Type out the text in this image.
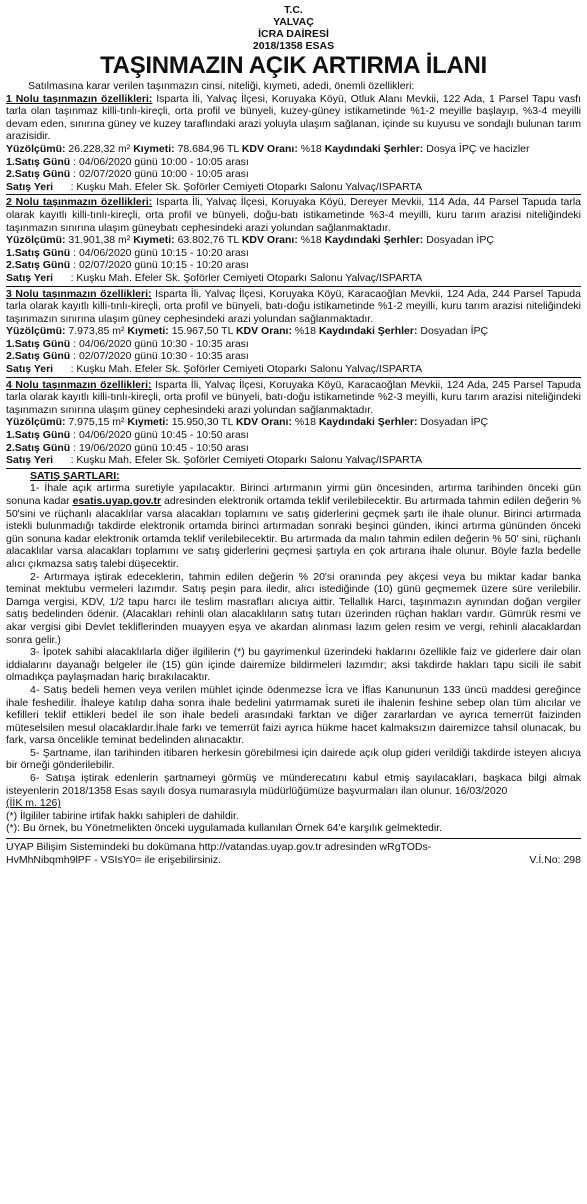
T.C.
YALVAÇ
İCRA DAİRESİ
2018/1358 ESAS
TAŞINMAZIN AÇIK ARTIRMA İLANI
Satılmasına karar verilen taşınmazın cinsi, niteliği, kıymeti, adedi, önemli özellikleri:
1 Nolu taşınmazın özellikleri: Isparta İli, Yalvaç İlçesi, Koruyaka Köyü, Otluk Alanı Mevkii, 122 Ada, 1 Parsel Tapu vasfı tarla olan taşınmaz killi-tınlı-kireçli, orta profil ve bünyeli, kuzey-güney istikametinde %1-2 meyille başlayıp, %3-4 meyilli devam eden, sınırına güney ve kuzey taraflındaki arazi yoluyla ulaşım sağlanan, içinde su kuyusu ve sondajlı bulunan tarım arazisidir.
Yüzölçümü: 26.228,32 m² Kıymeti: 78.684,96 TL KDV Oranı: %18 Kaydındaki Şerhler: Dosya İPÇ ve hacizler
1.Satış Günü : 04/06/2020 günü 10:00 - 10:05 arası
2.Satış Günü : 02/07/2020 günü 10:00 - 10:05 arası
Satış Yeri      : Kuşku Mah. Efeler Sk. Şoförler Cemiyeti Otoparkı Salonu Yalvaç/ISPARTA
2 Nolu taşınmazın özellikleri: Isparta İli, Yalvaç İlçesi, Koruyaka Köyü, Dereyer Mevkii, 114 Ada, 44 Parsel Tapuda tarla olarak kayıtlı killi-tınlı-kireçli, orta profil ve bünyeli, doğu-batı istikametinde %3-4 meyilli, kuru tarım arazisi niteliğindeki taşınmazın sınırına ulaşım güneybatı cephesindeki arazi yolundan sağlanmaktadır.
Yüzölçümü: 31.901,38 m² Kıymeti: 63.802,76 TL KDV Oranı: %18 Kaydındaki Şerhler: Dosyadan İPÇ
1.Satış Günü : 04/06/2020 günü 10:15 - 10:20 arası
2.Satış Günü : 02/07/2020 günü 10:15 - 10:20 arası
Satış Yeri      : Kuşku Mah. Efeler Sk. Şoförler Cemiyeti Otoparkı Salonu Yalvaç/ISPARTA
3 Nolu taşınmazın özellikleri: Isparta İli, Yalvaç İlçesi, Koruyaka Köyü, Karacaoğlan Mevkii, 124 Ada, 244 Parsel Tapuda tarla olarak kayıtlı killi-tınlı-kireçli, orta profil ve bünyeli, batı-doğu istikametinde %1-2 meyilli, kuru tarım arazisi niteliğindeki taşınmazın sınırına ulaşım güney cephesindeki arazi yolundan sağlanmaktadır.
Yüzölçümü: 7.973,85 m² Kıymeti: 15.967,50 TL KDV Oranı: %18 Kaydındaki Şerhler: Dosyadan İPÇ
1.Satış Günü : 04/06/2020 günü 10:30 - 10:35 arası
2.Satış Günü : 02/07/2020 günü 10:30 - 10:35 arası
Satış Yeri      : Kuşku Mah. Efeler Sk. Şoförler Cemiyeti Otoparkı Salonu Yalvaç/ISPARTA
4 Nolu taşınmazın özellikleri: Isparta İli, Yalvaç İlçesi, Koruyaka Köyü, Karacaoğlan Mevkii, 124 Ada, 245 Parsel Tapuda tarla olarak kayıtlı killi-tınlı-kireçli, orta profil ve bünyeli, batı-doğu istikametinde %2-3 meyilli, kuru tarım arazisi niteliğindeki taşınmazın sınırına ulaşım güney cephesindeki arazi yolundan sağlanmaktadır.
Yüzölçümü: 7.975,15 m² Kıymeti: 15.950,30 TL KDV Oranı: %18 Kaydındaki Şerhler: Dosyadan İPÇ
1.Satış Günü : 04/06/2020 günü 10:45 - 10:50 arası
2.Satış Günü : 19/06/2020 günü 10:45 - 10:50 arası
Satış Yeri      : Kuşku Mah. Efeler Sk. Şoförler Cemiyeti Otoparkı Salonu Yalvaç/ISPARTA
SATIŞ ŞARTLARI:
1- İhale açık artırma suretiyle yapılacaktır. Birinci artırmanın yirmi gün öncesinden, artırma tarihinden önceki gün sonuna kadar esatis.uyap.gov.tr adresinden elektronik ortamda teklif verilebilecektir. Bu artırmada tahmin edilen değerin % 50'sini ve rüçhanlı alacaklılar varsa alacakları toplamını ve satış giderlerini geçmek şartı ile ihale olunur. Birinci artırmada istekli bulunmadığı takdirde elektronik ortamda birinci artırmadan sonraki beşinci günden, ikinci artırma gününden önceki gün sonuna kadar elektronik ortamda teklif verilebilecektir. Bu artırmada da malın tahmin edilen değerin % 50' sini, rüçhanlı alacaklılar varsa alacakları toplamını ve satış giderlerini geçmesi şartıyla en çok artırana ihale olunur. Böyle fazla bedelle alıcı çıkmazsa satış talebi düşecektir.
2- Artırmaya iştirak edeceklerin, tahmin edilen değerin % 20'si oranında pey akçesi veya bu miktar kadar banka teminat mektubu vermeleri lazımdır. Satış peşin para iledir, alıcı istediğinde (10) günü geçmemek üzere süre verilebilir. Damga vergisi, KDV, 1/2 tapu harcı ile teslim masrafları alıcıya aittir. Tellallık Harcı, taşınmazın aynından doğan vergiler satış bedelinden ödenir. (Alacakları rehinli olan alacaklıların satış tutarı üzerinden rüçhan hakları vardır. Gümrük resmi ve akar vergisi gibi Devlet tekliflerinden muayyen eşya ve akardan alınması lazım gelen resim ve vergi, rehinli alacaklardan sonra gelir.)
3- İpotek sahibi alacaklılarla diğer ilgililerin (*) bu gayrimenkul üzerindeki haklarını özellikle faiz ve giderlere dair olan iddialarını dayanağı belgeler ile (15) gün içinde dairemize bildirmeleri lazımdır; aksi takdirde hakları tapu sicili ile sabit olmadıkça paylaşmadan hariç bırakılacaktır.
4- Satış bedeli hemen veya verilen mühlet içinde ödenmezse İcra ve İflas Kanununun 133 üncü maddesi gereğince ihale feshedilir. İhaleye katılıp daha sonra ihale bedelini yatırmamak sureti ile ihalenin feshine sebep olan tüm alıcılar ve kefilleri teklif ettikleri bedel ile son ihale bedeli arasındaki farktan ve diğer zararlardan ve ayrıca temerrüt faizinden müteselsilen mesul olacaklardır.İhale farkı ve temerrüt faizi ayrıca hükme hacet kalmaksızın dairemizce tahsil olunacak, bu fark, varsa öncelikle teminat bedelinden alınacaktır.
5- Şartname, ilan tarihinden itibaren herkesin görebilmesi için dairede açık olup gideri verildiği takdirde isteyen alıcıya bir örneği gönderilebilir.
6- Satışa iştirak edenlerin şartnameyi görmüş ve münderecatını kabul etmiş sayılacakları, başkaca bilgi almak isteyenlerin 2018/1358 Esas sayılı dosya numarasıyla müdürlüğümüze başvurmaları ilan olunur. 16/03/2020
(İİK m. 126)
(*) İlgililer tabirine irtifak hakkı sahipleri de dahildir.
(*): Bu örnek, bu Yönetmelikten önceki uygulamada kullanılan Örnek 64'e karşılık gelmektedir.
UYAP Bilişim Sistemindeki bu dokümana http://vatandas.uyap.gov.tr adresinden wRgTODs-HvMhNibqmh9lPF - VSIsY0= ile erişebilirsiniz.	V.İ.No: 298
